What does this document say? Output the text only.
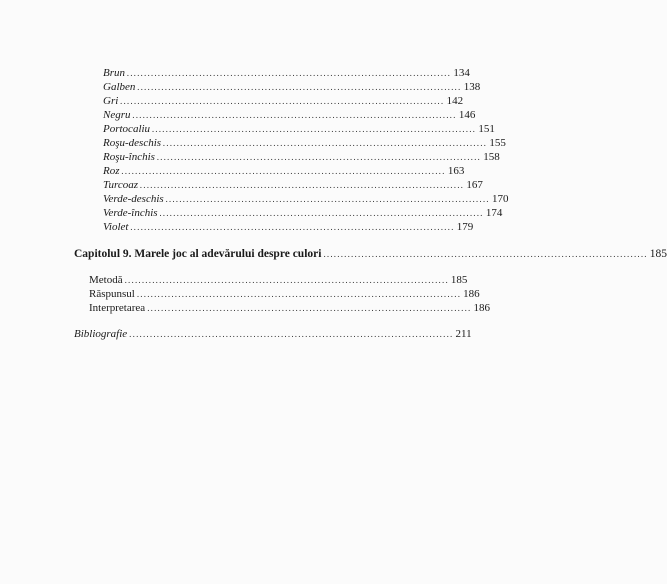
Brun .............................................................................................. 134
Galben .............................................................................................. 138
Gri .............................................................................................. 142
Negru .............................................................................................. 146
Portocaliu .............................................................................................. 151
Roşu-deschis .............................................................................................. 155
Roşu-închis .............................................................................................. 158
Roz .............................................................................................. 163
Turcoaz .............................................................................................. 167
Verde-deschis .............................................................................................. 170
Verde-închis .............................................................................................. 174
Violet .............................................................................................. 179
Capitolul 9. Marele joc al adevărului despre culori .............................................................................................. 185
Metodă .............................................................................................. 185
Răspunsul .............................................................................................. 186
Interpretarea .............................................................................................. 186
Bibliografie .............................................................................................. 211
